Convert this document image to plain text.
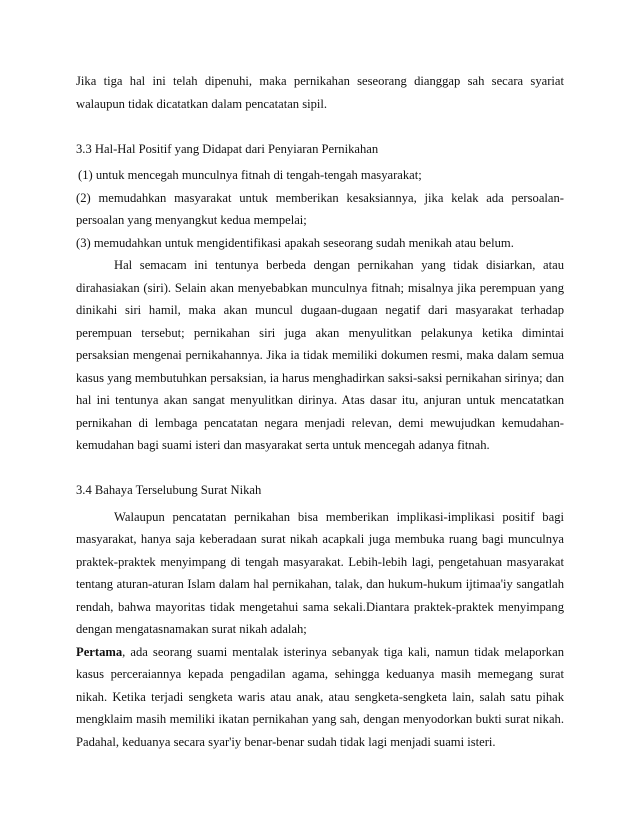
Jika tiga hal ini telah dipenuhi, maka pernikahan seseorang dianggap sah secara syariat walaupun tidak dicatatkan dalam pencatatan sipil.

3.3 Hal-Hal Positif yang Didapat dari Penyiaran Pernikahan

(1) untuk mencegah munculnya fitnah di tengah-tengah masyarakat;

(2) memudahkan masyarakat untuk memberikan kesaksiannya, jika kelak ada persoalan-persoalan yang menyangkut kedua mempelai;

(3) memudahkan untuk mengidentifikasi apakah seseorang sudah menikah atau belum.

Hal semacam ini tentunya berbeda dengan pernikahan yang tidak disiarkan, atau dirahasiakan (siri). Selain akan menyebabkan munculnya fitnah; misalnya jika perempuan yang dinikahi siri hamil, maka akan muncul dugaan-dugaan negatif dari masyarakat terhadap perempuan tersebut; pernikahan siri juga akan menyulitkan pelakunya ketika dimintai persaksian mengenai pernikahannya. Jika ia tidak memiliki dokumen resmi, maka dalam semua kasus yang membutuhkan persaksian, ia harus menghadirkan saksi-saksi pernikahan sirinya; dan hal ini tentunya akan sangat menyulitkan dirinya. Atas dasar itu, anjuran untuk mencatatkan pernikahan di lembaga pencatatan negara menjadi relevan, demi mewujudkan kemudahan-kemudahan bagi suami isteri dan masyarakat serta untuk mencegah adanya fitnah.

3.4 Bahaya Terselubung Surat Nikah

Walaupun pencatatan pernikahan bisa memberikan implikasi-implikasi positif bagi masyarakat, hanya saja keberadaan surat nikah acapkali juga membuka ruang bagi munculnya praktek-praktek menyimpang di tengah masyarakat. Lebih-lebih lagi, pengetahuan masyarakat tentang aturan-aturan Islam dalam hal pernikahan, talak, dan hukum-hukum ijtimaa'iy sangatlah rendah, bahwa mayoritas tidak mengetahui sama sekali.Diantara praktek-praktek menyimpang dengan mengatasnamakan surat nikah adalah;

Pertama, ada seorang suami mentalak isterinya sebanyak tiga kali, namun tidak melaporkan kasus perceraiannya kepada pengadilan agama, sehingga keduanya masih memegang surat nikah. Ketika terjadi sengketa waris atau anak, atau sengketa-sengketa lain, salah satu pihak mengklaim masih memiliki ikatan pernikahan yang sah, dengan menyodorkan bukti surat nikah. Padahal, keduanya secara syar'iy benar-benar sudah tidak lagi menjadi suami isteri.
